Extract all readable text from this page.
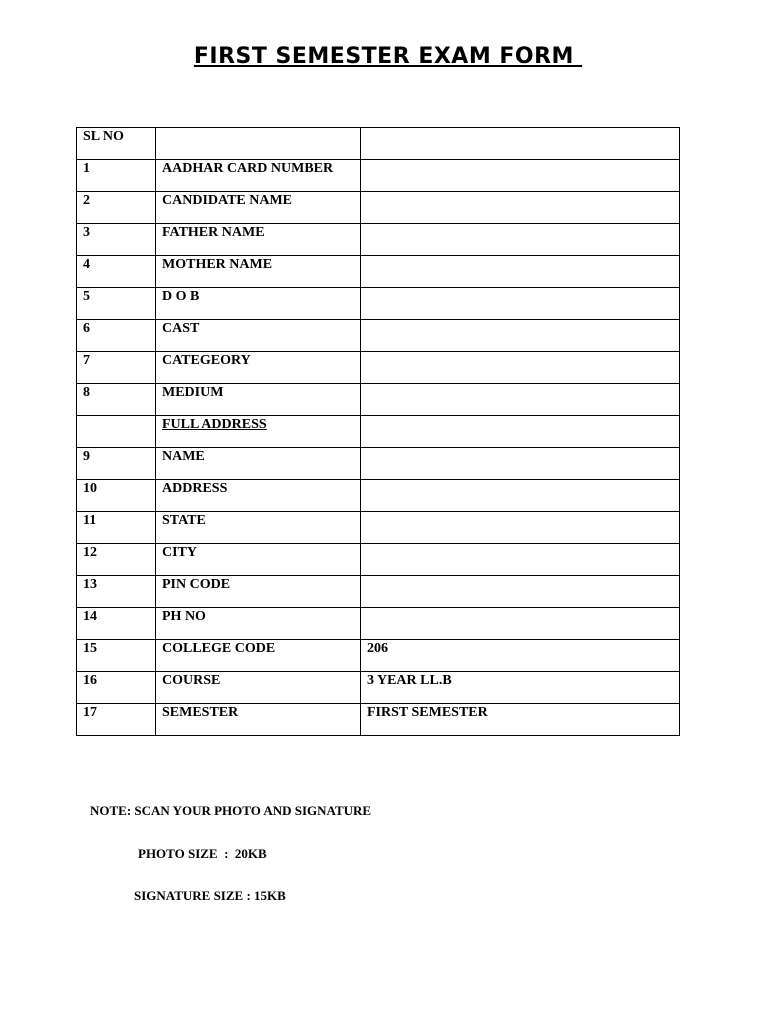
FIRST SEMESTER EXAM FORM
SL NO		
1	AADHAR CARD NUMBER	
2	CANDIDATE NAME	
3	FATHER NAME	
4	MOTHER NAME	
5	D O B	
6	CAST	
7	CATEGEORY	
8	MEDIUM	
	FULL ADDRESS	
9	NAME	
10	ADDRESS	
11	STATE	
12	CITY	
13	PIN CODE	
14	PH NO	
15	COLLEGE CODE	206
16	COURSE	3 YEAR LL.B
17	SEMESTER	FIRST SEMESTER
NOTE: SCAN YOUR PHOTO AND SIGNATURE
PHOTO SIZE  :  20KB
SIGNATURE SIZE : 15KB
